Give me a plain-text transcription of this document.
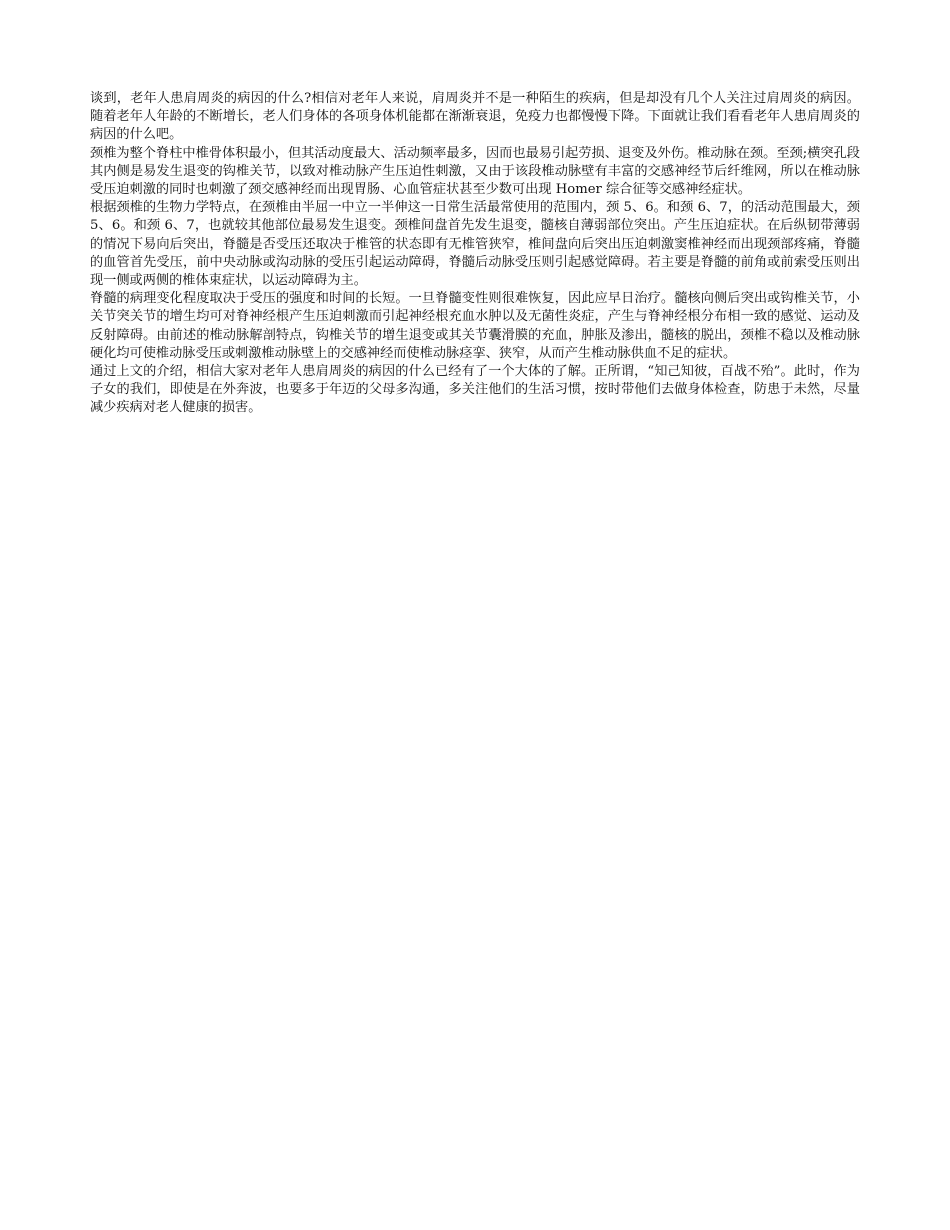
谈到，老年人患肩周炎的病因的什么?相信对老年人来说，肩周炎并不是一种陌生的疾病，但是却没有几个人关注过肩周炎的病因。随着老年人年龄的不断增长，老人们身体的各项身体机能都在渐渐衰退，免疫力也都慢慢下降。下面就让我们看看老年人患肩周炎的病因的什么吧。

颈椎为整个脊柱中椎骨体积最小，但其活动度最大、活动频率最多，因而也最易引起劳损、退变及外伤。椎动脉在颈。至颈;横突孔段其内侧是易发生退变的钩椎关节，以致对椎动脉产生压迫性刺激，又由于该段椎动脉壁有丰富的交感神经节后纤维网，所以在椎动脉受压迫刺激的同时也刺激了颈交感神经而出现胃肠、心血管症状甚至少数可出现 Homer 综合征等交感神经症状。

根据颈椎的生物力学特点，在颈椎由半屈一中立一半伸这一日常生活最常使用的范围内，颈 5、6。和颈 6、7，的活动范围最大，颈 5、6。和颈 6、7，也就较其他部位最易发生退变。颈椎间盘首先发生退变，髓核自薄弱部位突出。产生压迫症状。在后纵韧带薄弱的情况下易向后突出，脊髓是否受压还取决于椎管的状态即有无椎管狭窄，椎间盘向后突出压迫刺激窦椎神经而出现颈部疼痛，脊髓的血管首先受压，前中央动脉或沟动脉的受压引起运动障碍，脊髓后动脉受压则引起感觉障碍。若主要是脊髓的前角或前索受压则出现一侧或两侧的椎体束症状，以运动障碍为主。

脊髓的病理变化程度取决于受压的强度和时间的长短。一旦脊髓变性则很难恢复，因此应早日治疗。髓核向侧后突出或钩椎关节，小关节突关节的增生均可对脊神经根产生压迫刺激而引起神经根充血水肿以及无菌性炎症，产生与脊神经根分布相一致的感觉、运动及反射障碍。由前述的椎动脉解剖特点，钩椎关节的增生退变或其关节囊滑膜的充血，肿胀及渗出，髓核的脱出，颈椎不稳以及椎动脉硬化均可使椎动脉受压或刺激椎动脉壁上的交感神经而使椎动脉痉挛、狭窄，从而产生椎动脉供血不足的症状。

通过上文的介绍，相信大家对老年人患肩周炎的病因的什么已经有了一个大体的了解。正所谓，“知己知彼，百战不殆”。此时，作为子女的我们，即使是在外奔波，也要多于年迈的父母多沟通，多关注他们的生活习惯，按时带他们去做身体检查，防患于未然，尽量减少疾病对老人健康的损害。
